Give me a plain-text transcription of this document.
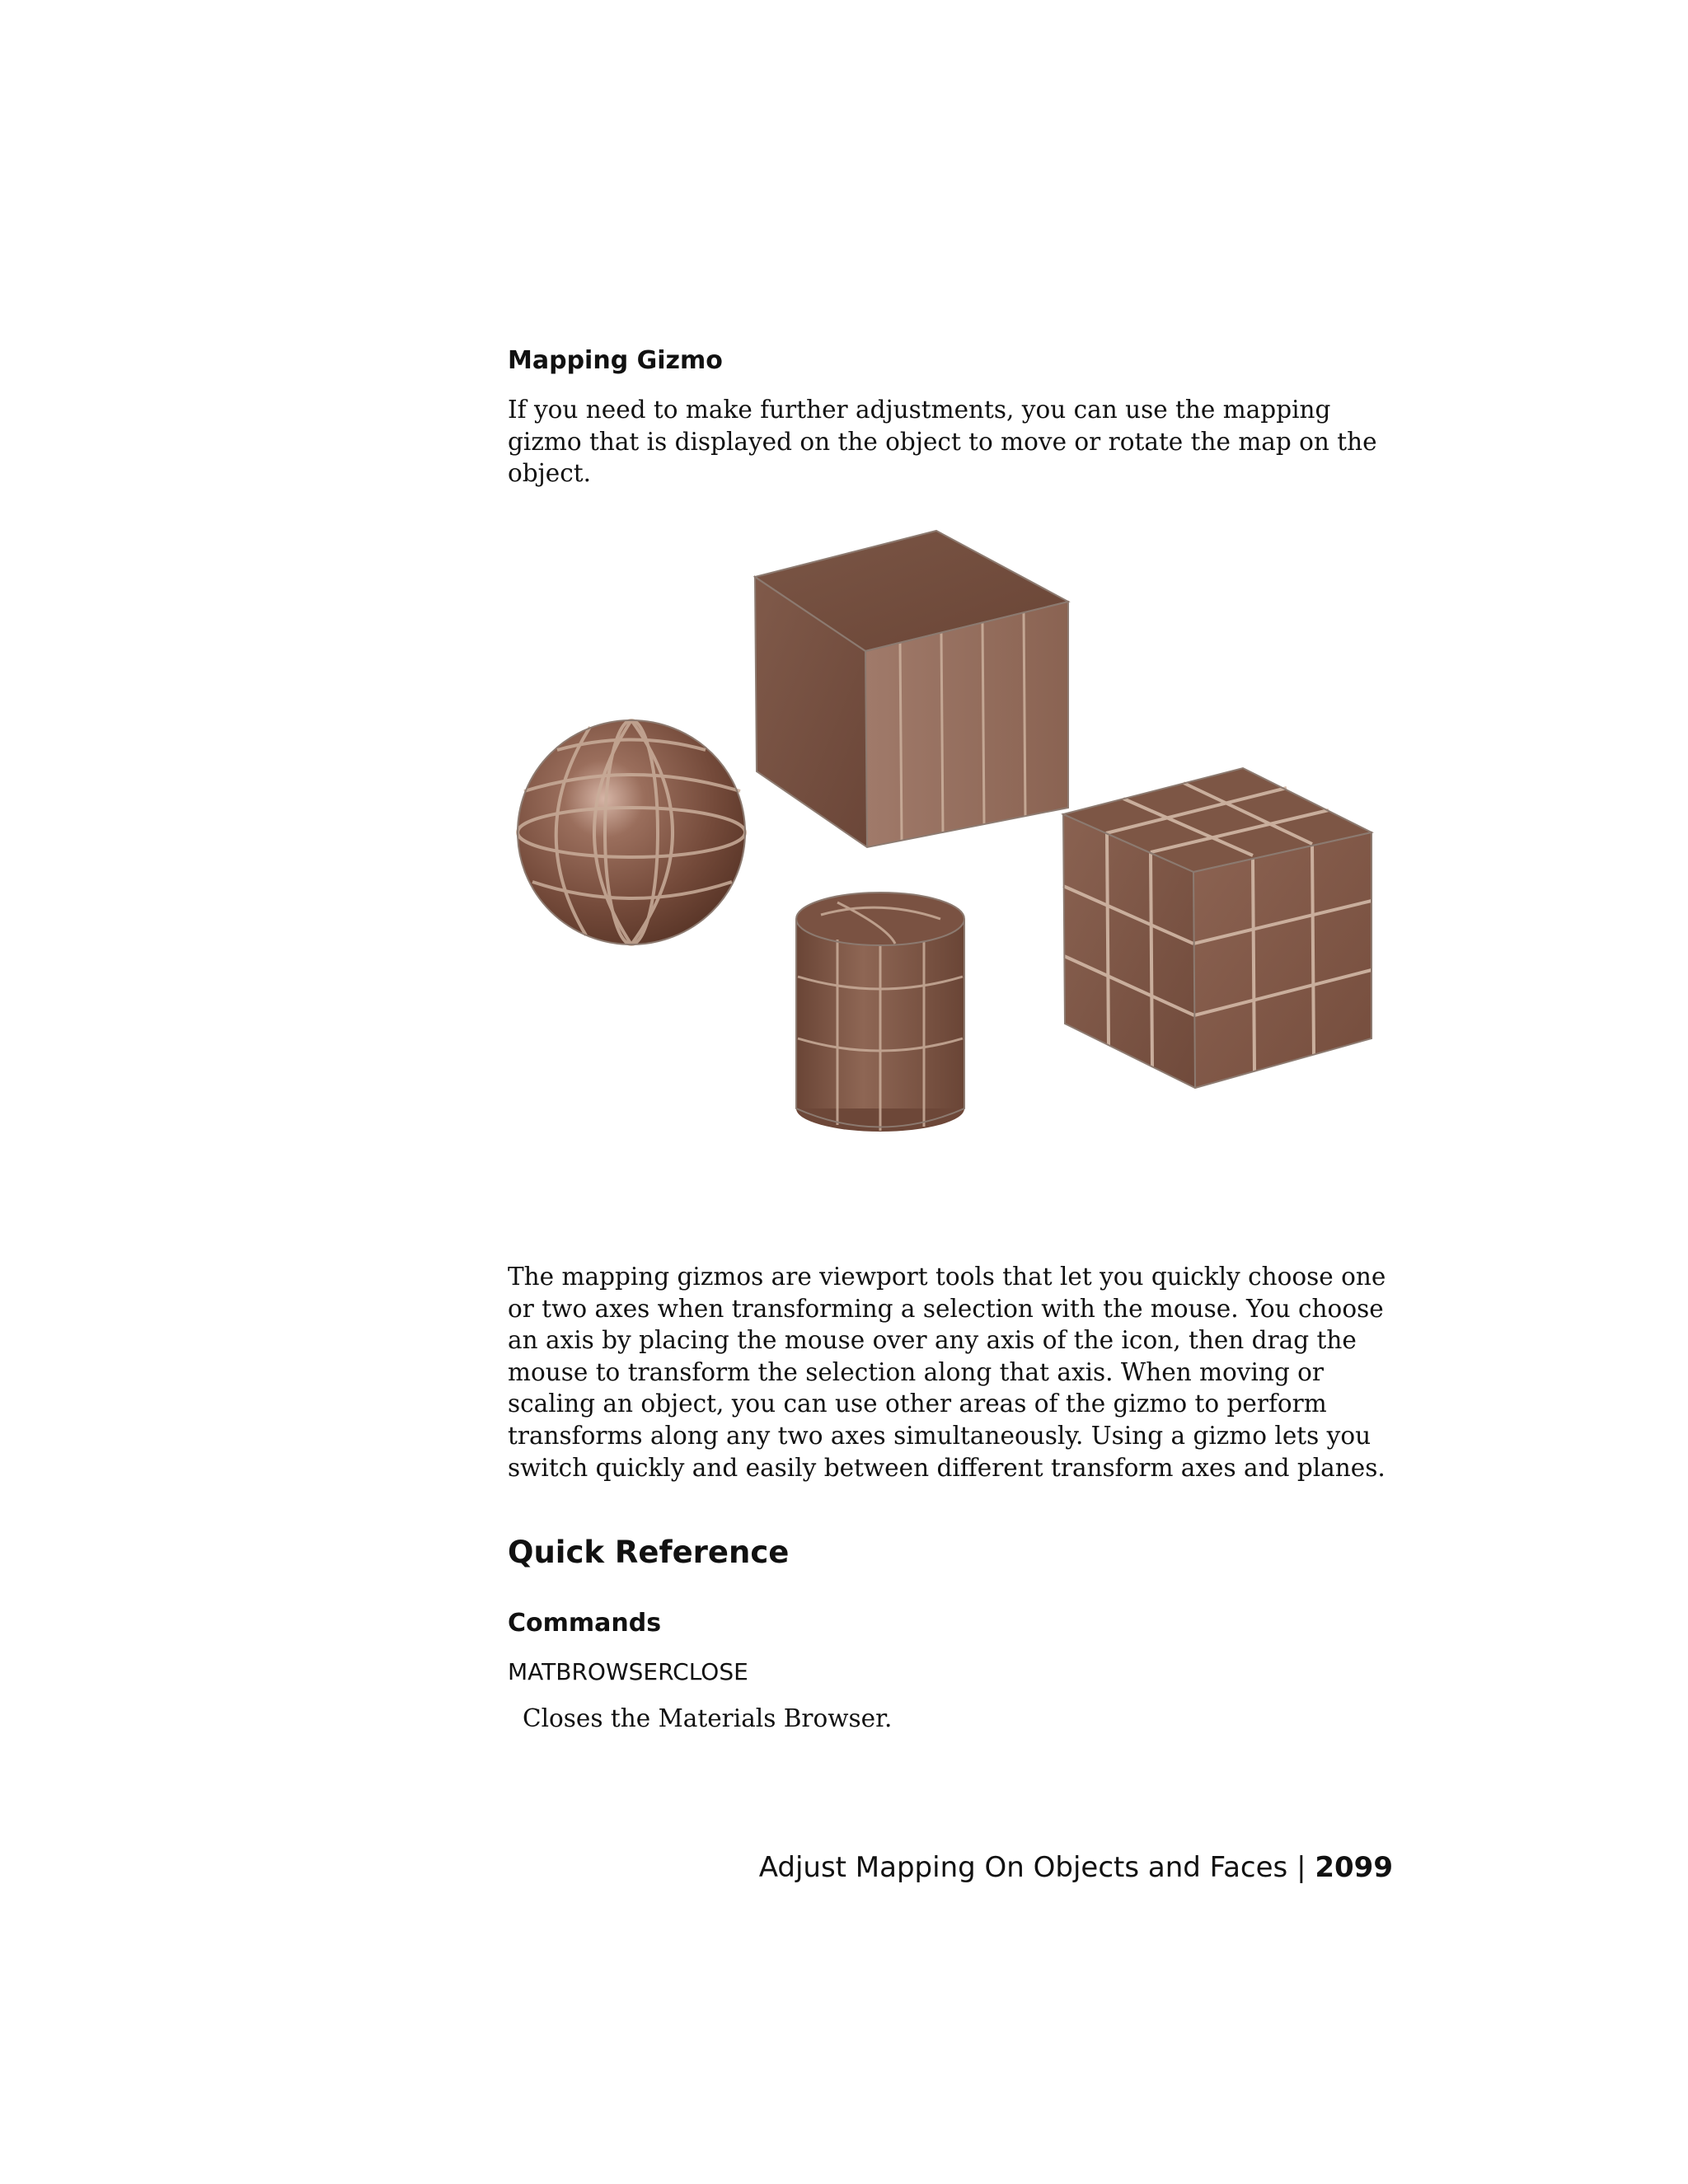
Mapping Gizmo

If you need to make further adjustments, you can use the mapping gizmo that is displayed on the object to move or rotate the map on the object.

The mapping gizmos are viewport tools that let you quickly choose one or two axes when transforming a selection with the mouse. You choose an axis by placing the mouse over any axis of the icon, then drag the mouse to transform the selection along that axis. When moving or scaling an object, you can use other areas of the gizmo to perform transforms along any two axes simultaneously. Using a gizmo lets you switch quickly and easily between different transform axes and planes.

Quick Reference
Commands

MATBROWSERCLOSE

Closes the Materials Browser.

Adjust Mapping On Objects and Faces | 2099
